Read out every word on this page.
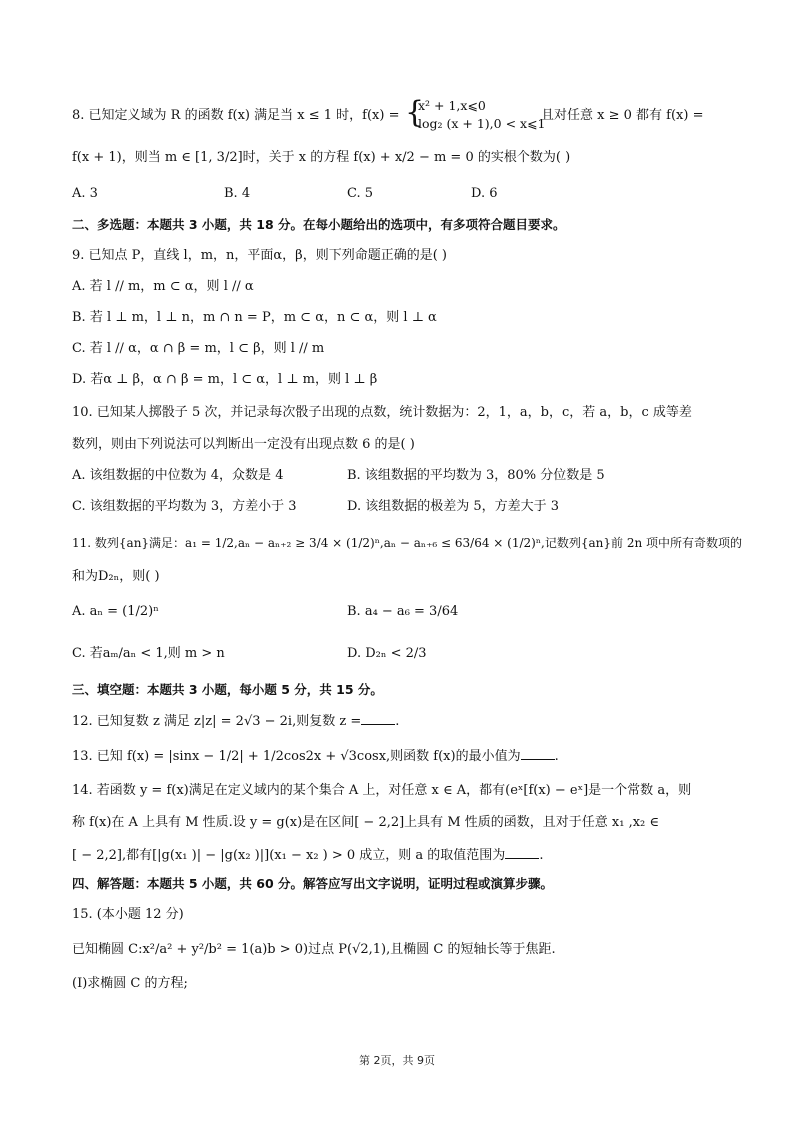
8. 已知定义域为 R 的函数 f(x) 满足当 x ≤ 1 时，f(x) = {
x² + 1,x⩽0
log₂ (x + 1),0 < x⩽1
且对任意 x ≥ 0 都有 f(x) =
f(x + 1)，则当 m ∈ [1, 3/2]时，关于 x 的方程 f(x) + x/2 − m = 0 的实根个数为( )
A. 3	B. 4	C. 5	D. 6
二、多选题：本题共 3 小题，共 18 分。在每小题给出的选项中，有多项符合题目要求。
9. 已知点 P，直线 l，m，n，平面α，β，则下列命题正确的是( )
A. 若 l // m，m ⊂ α，则 l // α
B. 若 l ⊥ m，l ⊥ n，m ∩ n = P，m ⊂ α，n ⊂ α，则 l ⊥ α
C. 若 l // α，α ∩ β = m，l ⊂ β，则 l // m
D. 若α ⊥ β，α ∩ β = m，l ⊂ α，l ⊥ m，则 l ⊥ β
10. 已知某人掷骰子 5 次，并记录每次骰子出现的点数，统计数据为：2，1，a，b，c，若 a，b，c 成等差
数列，则由下列说法可以判断出一定没有出现点数 6 的是( )
A. 该组数据的中位数为 4，众数是 4	B. 该组数据的平均数为 3，80% 分位数是 5
C. 该组数据的平均数为 3，方差小于 3	D. 该组数据的极差为 5，方差大于 3
11. 数列{an}满足：a₁ = 1/2,aₙ − aₙ₊₂ ≥ 3/4 × (1/2)ⁿ,aₙ − aₙ₊₆ ≤ 63/64 × (1/2)ⁿ,记数列{an}前 2n 项中所有奇数项的
和为D₂ₙ，则( )
A. aₙ = (1/2)ⁿ	B. a₄ − a₆ = 3/64
C. 若aₘ/aₙ < 1,则 m > n	D. D₂ₙ < 2/3
三、填空题：本题共 3 小题，每小题 5 分，共 15 分。
12. 已知复数 z 满足 z|z| = 2√3 − 2i,则复数 z =	.
13. 已知 f(x) = |sinx − 1/2| + 1/2cos2x + √3cosx,则函数 f(x)的最小值为	.
14. 若函数 y = f(x)满足在定义域内的某个集合 A 上，对任意 x ∈ A，都有(eˣ[f(x) − eˣ]是一个常数 a，则
称 f(x)在 A 上具有 M 性质.设 y = g(x)是在区间[ − 2,2]上具有 M 性质的函数，且对于任意 x₁ ,x₂ ∈
[ − 2,2],都有[|g(x₁ )| − |g(x₂ )|](x₁ − x₂ ) > 0 成立，则 a 的取值范围为	.
四、解答题：本题共 5 小题，共 60 分。解答应写出文字说明，证明过程或演算步骤。
15. (本小题 12 分)
已知椭圆 C:x²/a² + y²/b² = 1(a)b > 0)过点 P(√2,1),且椭圆 C 的短轴长等于焦距.
(I)求椭圆 C 的方程;
第 2页，共 9页
